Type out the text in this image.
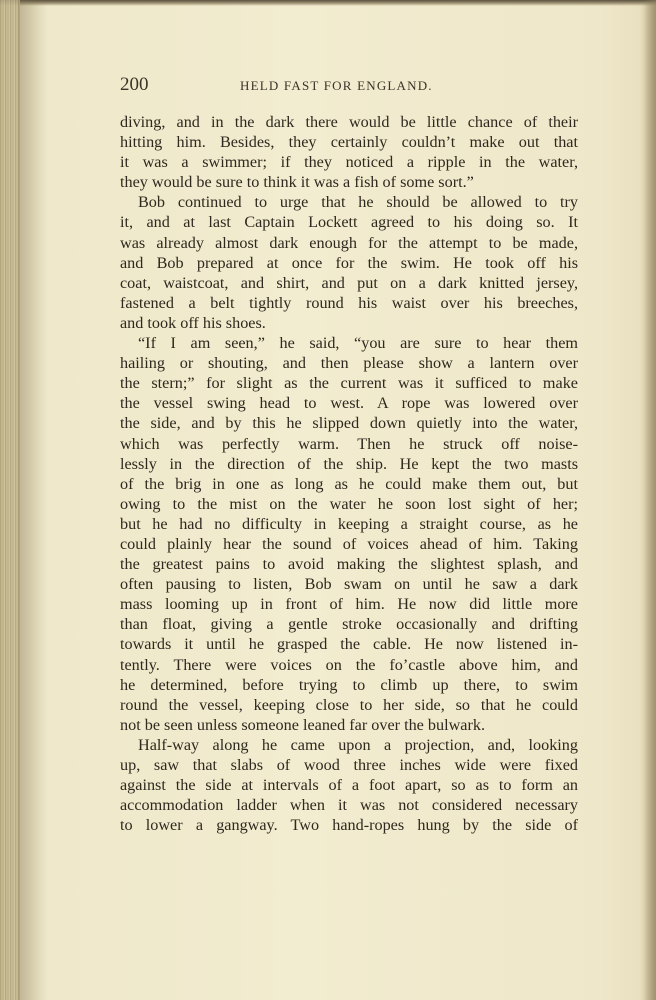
200	HELD FAST FOR ENGLAND.
diving, and in the dark there would be little chance of their
hitting him. Besides, they certainly couldn’t make out that
it was a swimmer; if they noticed a ripple in the water,
they would be sure to think it was a fish of some sort.”
Bob continued to urge that he should be allowed to try
it, and at last Captain Lockett agreed to his doing so. It
was already almost dark enough for the attempt to be made,
and Bob prepared at once for the swim. He took off his
coat, waistcoat, and shirt, and put on a dark knitted jersey,
fastened a belt tightly round his waist over his breeches,
and took off his shoes.
“If I am seen,” he said, “you are sure to hear them
hailing or shouting, and then please show a lantern over
the stern;” for slight as the current was it sufficed to make
the vessel swing head to west. A rope was lowered over
the side, and by this he slipped down quietly into the water,
which was perfectly warm. Then he struck off noise-
lessly in the direction of the ship. He kept the two masts
of the brig in one as long as he could make them out, but
owing to the mist on the water he soon lost sight of her;
but he had no difficulty in keeping a straight course, as he
could plainly hear the sound of voices ahead of him. Taking
the greatest pains to avoid making the slightest splash, and
often pausing to listen, Bob swam on until he saw a dark
mass looming up in front of him. He now did little more
than float, giving a gentle stroke occasionally and drifting
towards it until he grasped the cable. He now listened in-
tently. There were voices on the fo’castle above him, and
he determined, before trying to climb up there, to swim
round the vessel, keeping close to her side, so that he could
not be seen unless someone leaned far over the bulwark.
Half-way along he came upon a projection, and, looking
up, saw that slabs of wood three inches wide were fixed
against the side at intervals of a foot apart, so as to form an
accommodation ladder when it was not considered necessary
to lower a gangway. Two hand-ropes hung by the side of
